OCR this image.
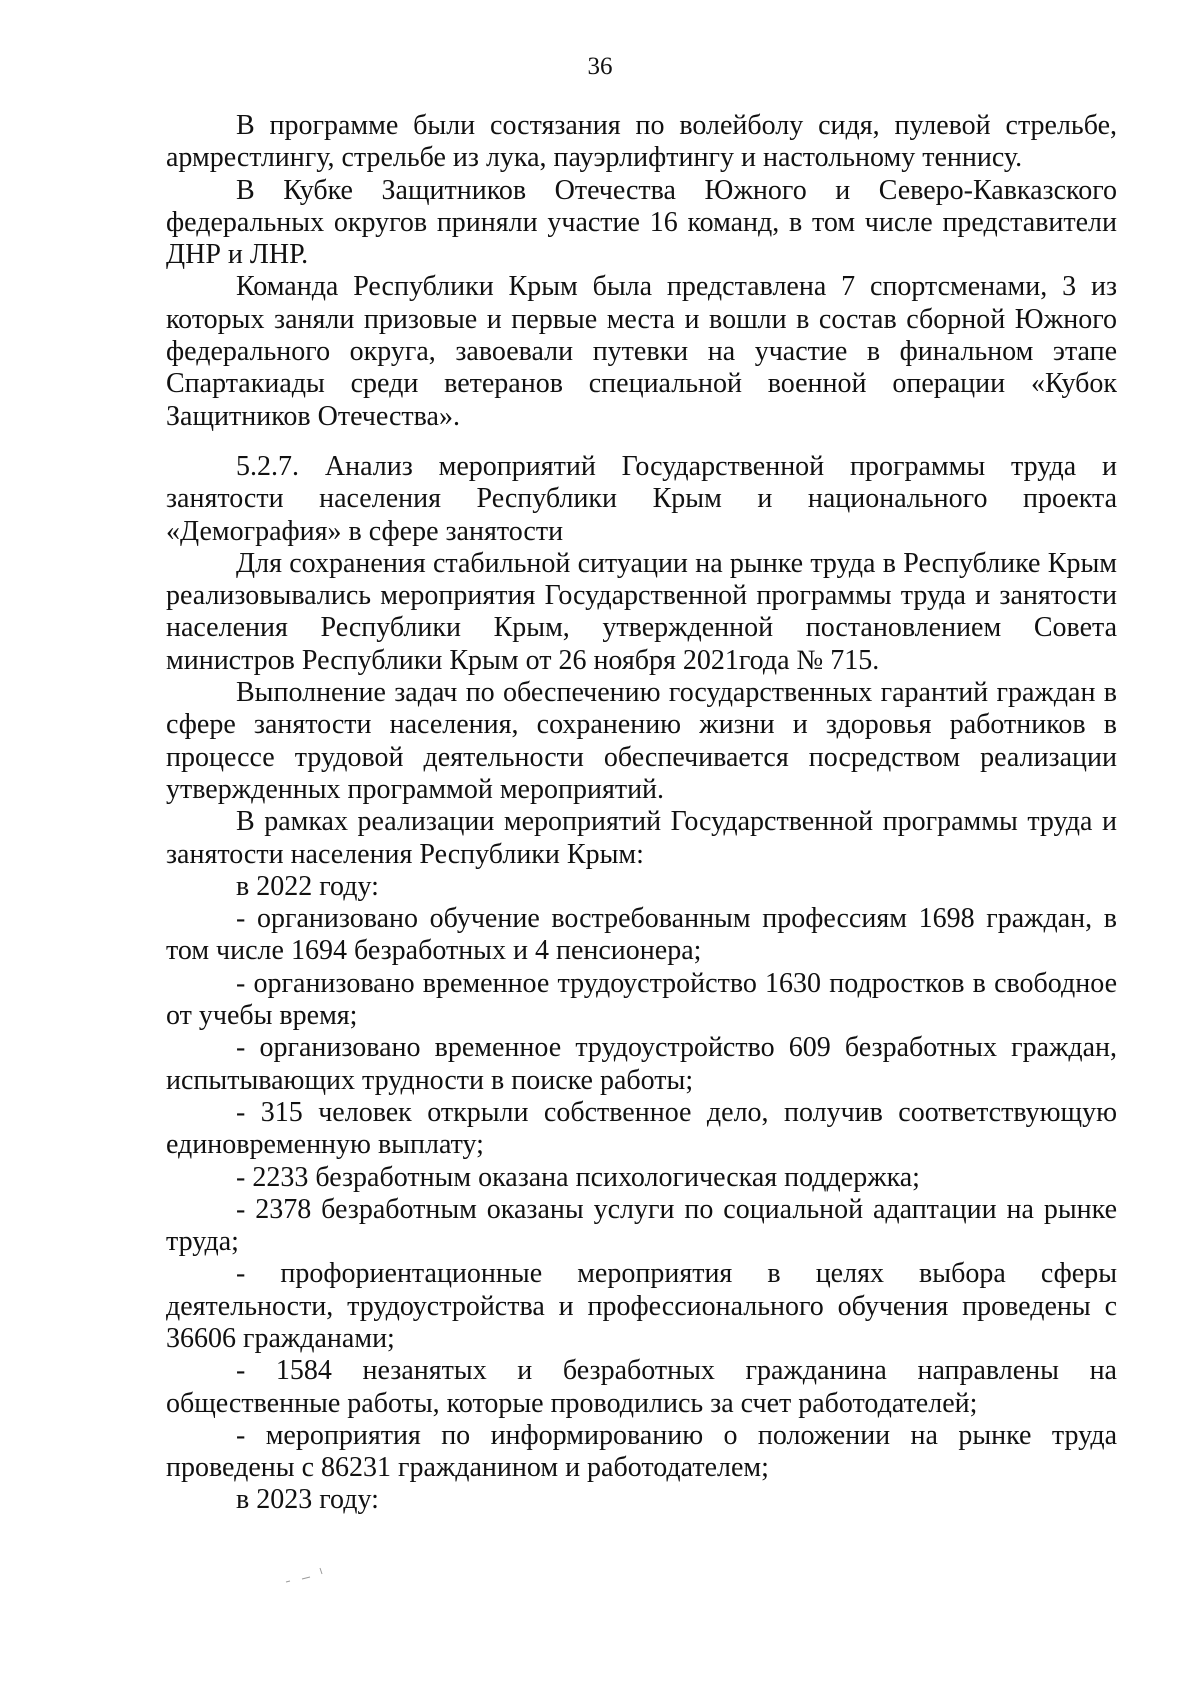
36

В программе были состязания по волейболу сидя, пулевой стрельбе, армрестлингу, стрельбе из лука, пауэрлифтингу и настольному теннису.

В Кубке Защитников Отечества Южного и Северо-Кавказского федеральных округов приняли участие 16 команд, в том числе представители ДНР и ЛНР.

Команда Республики Крым была представлена 7 спортсменами, 3 из которых заняли призовые и первые места и вошли в состав сборной Южного федерального округа, завоевали путевки на участие в финальном этапе Спартакиады среди ветеранов специальной военной операции «Кубок Защитников Отечества».

5.2.7. Анализ мероприятий Государственной программы труда и занятости населения Республики Крым и национального проекта «Демография» в сфере занятости

Для сохранения стабильной ситуации на рынке труда в Республике Крым реализовывались мероприятия Государственной программы труда и занятости населения Республики Крым, утвержденной постановлением Совета министров Республики Крым от 26 ноября 2021года № 715.

Выполнение задач по обеспечению государственных гарантий граждан в сфере занятости населения, сохранению жизни и здоровья работников в процессе трудовой деятельности обеспечивается посредством реализации утвержденных программой мероприятий.

В рамках реализации мероприятий Государственной программы труда и занятости населения Республики Крым:

в 2022 году:

- организовано обучение востребованным профессиям 1698 граждан, в том числе 1694 безработных и 4 пенсионера;

- организовано временное трудоустройство 1630 подростков в свободное от учебы время;

- организовано временное трудоустройство 609 безработных граждан, испытывающих трудности в поиске работы;

- 315 человек открыли собственное дело, получив соответствующую единовременную выплату;

- 2233 безработным оказана психологическая поддержка;

- 2378 безработным оказаны услуги по социальной адаптации на рынке труда;

- профориентационные мероприятия в целях выбора сферы деятельности, трудоустройства и профессионального обучения проведены с 36606 гражданами;

- 1584 незанятых и безработных гражданина направлены на общественные работы, которые проводились за счет работодателей;

- мероприятия по информированию о положении на рынке труда проведены с 86231 гражданином и работодателем;

в 2023 году:
